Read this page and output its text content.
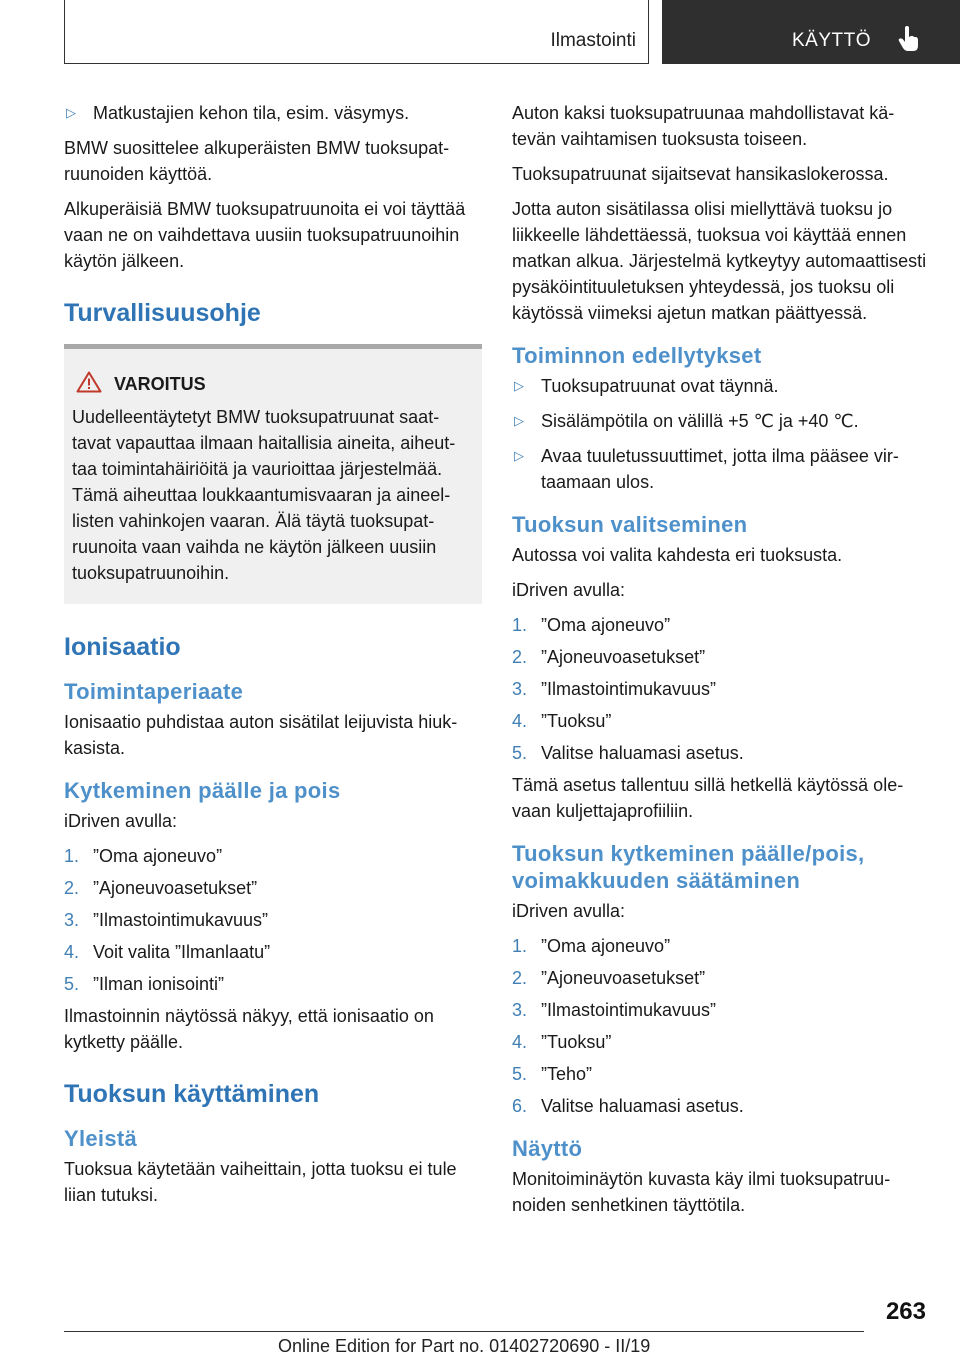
Ilmastointi	KÄYTTÖ

▷ Matkustajien kehon tila, esim. väsymys.

BMW suosittelee alkuperäisten BMW tuoksupatruunoiden käyttöä.

Alkuperäisiä BMW tuoksupatruunoita ei voi täyttää vaan ne on vaihdettava uusiin tuoksupatruunoihin käytön jälkeen.

Turvallisuusohje
VAROITUS

Uudelleentäytetyt BMW tuoksupatruunat saattavat vapauttaa ilmaan haitallisia aineita, aiheuttaa toimintahäiriöitä ja vaurioittaa järjestelmää. Tämä aiheuttaa loukkaantumisvaaran ja aineellisten vahinkojen vaaran. Älä täytä tuoksupatruunoita vaan vaihda ne käytön jälkeen uusiin tuoksupatruunoihin.

Ionisaatio
Toimintaperiaate

Ionisaatio puhdistaa auton sisätilat leijuvista hiukkasista.

Kytkeminen päälle ja pois

iDriven avulla:

1. ”Oma ajoneuvo”

2. ”Ajoneuvoasetukset”

3. ”Ilmastointimukavuus”

4. Voit valita ”Ilmanlaatu”

5. ”Ilman ionisointi”

Ilmastoinnin näytössä näkyy, että ionisaatio on kytketty päälle.

Tuoksun käyttäminen
Yleistä

Tuoksua käytetään vaiheittain, jotta tuoksu ei tule liian tutuksi.

Auton kaksi tuoksupatruunaa mahdollistavat kätevän vaihtamisen tuoksusta toiseen.

Tuoksupatruunat sijaitsevat hansikaslokerossa.

Jotta auton sisätilassa olisi miellyttävä tuoksu jo liikkeelle lähdettäessä, tuoksua voi käyttää ennen matkan alkua. Järjestelmä kytkeytyy automaattisesti pysäköintituuletuksen yhteydessä, jos tuoksu oli käytössä viimeksi ajetun matkan päättyessä.

Toiminnon edellytykset

▷ Tuoksupatruunat ovat täynnä.

▷ Sisälämpötila on välillä +5 ℃ ja +40 ℃.

▷ Avaa tuuletussuuttimet, jotta ilma pääsee virtaamaan ulos.

Tuoksun valitseminen

Autossa voi valita kahdesta eri tuoksusta.

iDriven avulla:

1. ”Oma ajoneuvo”

2. ”Ajoneuvoasetukset”

3. ”Ilmastointimukavuus”

4. ”Tuoksu”

5. Valitse haluamasi asetus.

Tämä asetus tallentuu sillä hetkellä käytössä olevaan kuljettajaprofiiliin.

Tuoksun kytkeminen päälle/pois, voimakkuuden säätäminen

iDriven avulla:

1. ”Oma ajoneuvo”

2. ”Ajoneuvoasetukset”

3. ”Ilmastointimukavuus”

4. ”Tuoksu”

5. ”Teho”

6. Valitse haluamasi asetus.

Näyttö

Monitoiminäytön kuvasta käy ilmi tuoksupatruunoiden senhetkinen täyttötila.

263
Online Edition for Part no. 01402720690 - II/19
